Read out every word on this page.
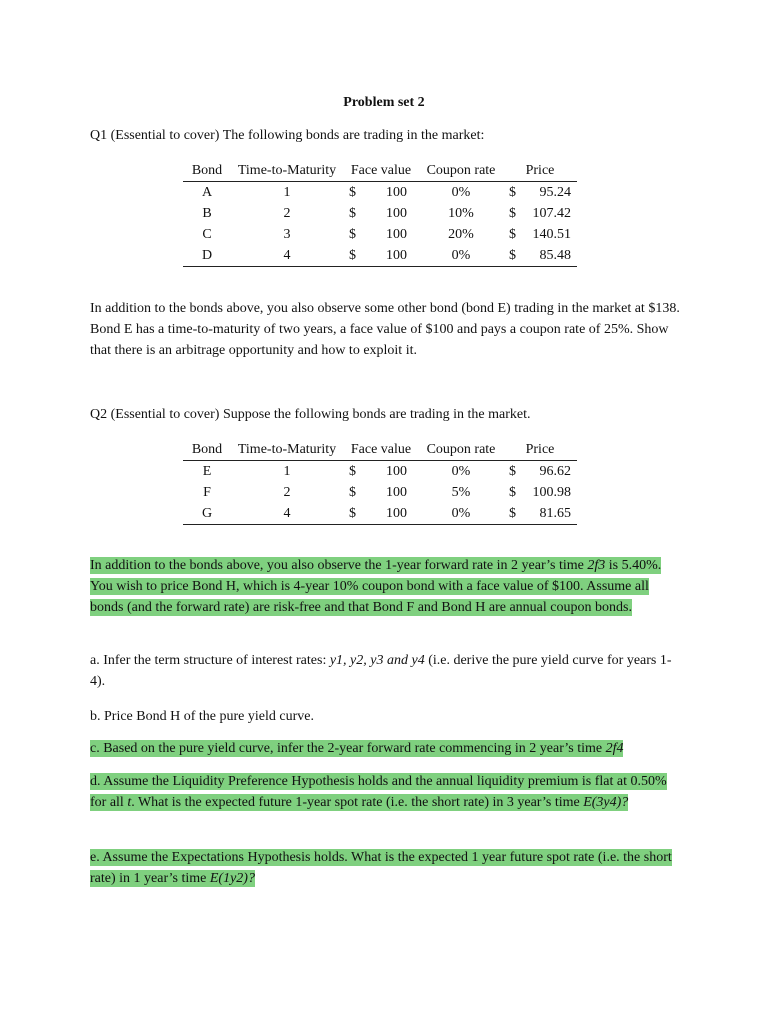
Problem set 2

Q1 (Essential to cover) The following bonds are trading in the market:

Bond	Time-to-Maturity	Face value	Coupon rate	Price
A	1	$ 100	0%	$ 95.24

B	2	$ 100	10%	$ 107.42

C	3	$ 100	20%	$ 140.51

D	4	$ 100	0%	$ 85.48

In addition to the bonds above, you also observe some other bond (bond E) trading in the market at $138. Bond E has a time-to-maturity of two years, a face value of $100 and pays a coupon rate of 25%. Show that there is an arbitrage opportunity and how to exploit it.

Q2 (Essential to cover) Suppose the following bonds are trading in the market.

Bond	Time-to-Maturity	Face value	Coupon rate	Price
E	1	$ 100	0%	$ 96.62

F	2	$ 100	5%	$ 100.98

G	4	$ 100	0%	$ 81.65

In addition to the bonds above, you also observe the 1-year forward rate in 2 year’s time 2f3 is 5.40%. You wish to price Bond H, which is 4-year 10% coupon bond with a face value of $100. Assume all bonds (and the forward rate) are risk-free and that Bond F and Bond H are annual coupon bonds.

a. Infer the term structure of interest rates: y1, y2, y3 and y4 (i.e. derive the pure yield curve for years 1-4).

b. Price Bond H of the pure yield curve.

c. Based on the pure yield curve, infer the 2-year forward rate commencing in 2 year’s time 2f4

d. Assume the Liquidity Preference Hypothesis holds and the annual liquidity premium is flat at 0.50% for all t. What is the expected future 1-year spot rate (i.e. the short rate) in 3 year’s time E(3y4)?

e. Assume the Expectations Hypothesis holds. What is the expected 1 year future spot rate (i.e. the short rate) in 1 year’s time E(1y2)?
